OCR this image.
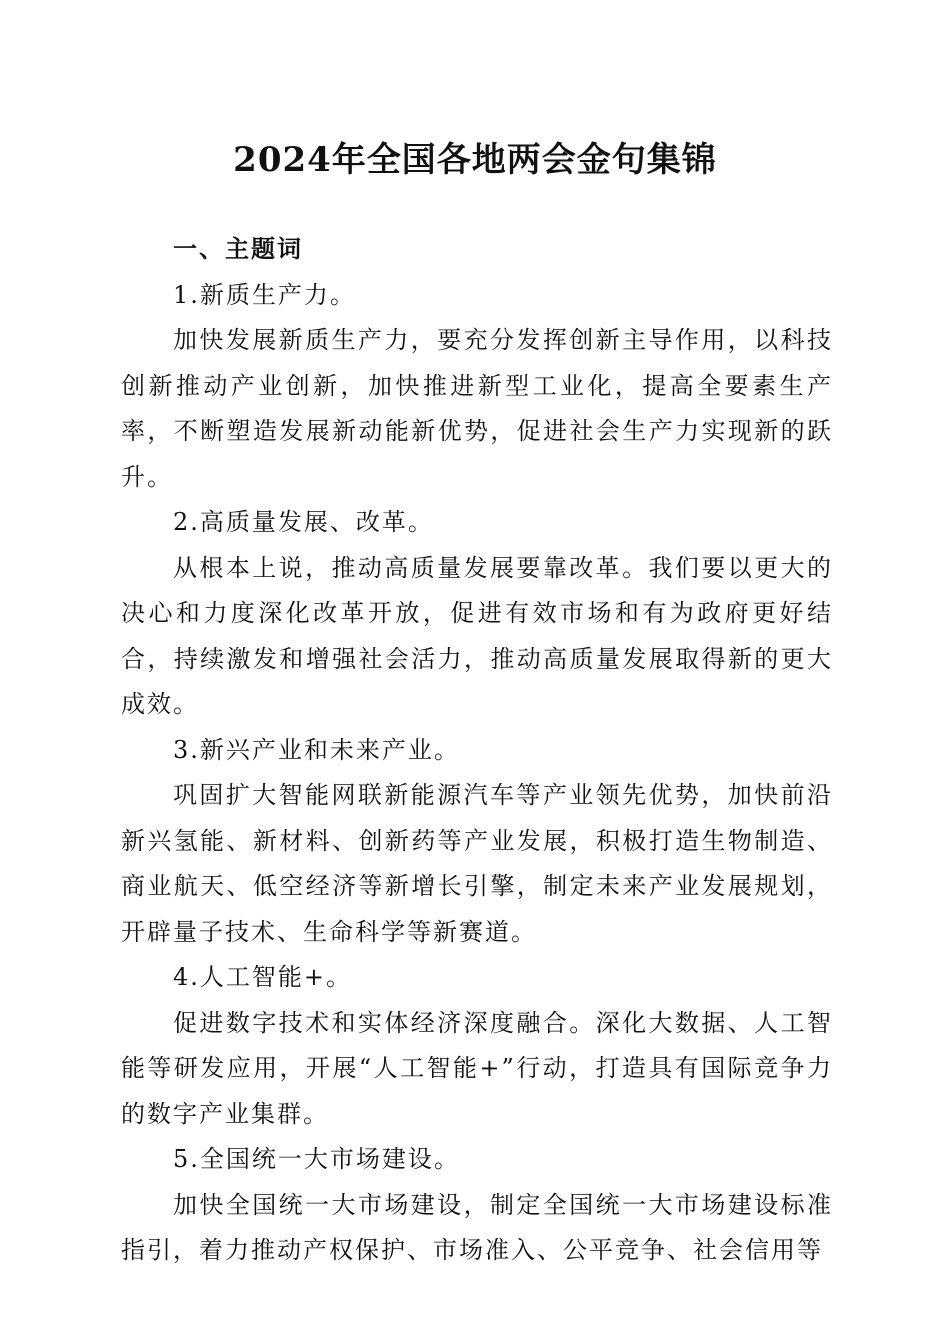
2024年全国各地两会金句集锦

一、主题词

1.新质生产力。

加快发展新质生产力，要充分发挥创新主导作用，以科技创新推动产业创新，加快推进新型工业化，提高全要素生产率，不断塑造发展新动能新优势，促进社会生产力实现新的跃升。

2.高质量发展、改革。

从根本上说，推动高质量发展要靠改革。我们要以更大的决心和力度深化改革开放，促进有效市场和有为政府更好结合，持续激发和增强社会活力，推动高质量发展取得新的更大成效。

3.新兴产业和未来产业。

巩固扩大智能网联新能源汽车等产业领先优势，加快前沿新兴氢能、新材料、创新药等产业发展，积极打造生物制造、商业航天、低空经济等新增长引擎，制定未来产业发展规划，开辟量子技术、生命科学等新赛道。

4.人工智能+。

促进数字技术和实体经济深度融合。深化大数据、人工智能等研发应用，开展“人工智能+”行动，打造具有国际竞争力的数字产业集群。

5.全国统一大市场建设。

加快全国统一大市场建设，制定全国统一大市场建设标准指引，着力推动产权保护、市场准入、公平竞争、社会信用等
